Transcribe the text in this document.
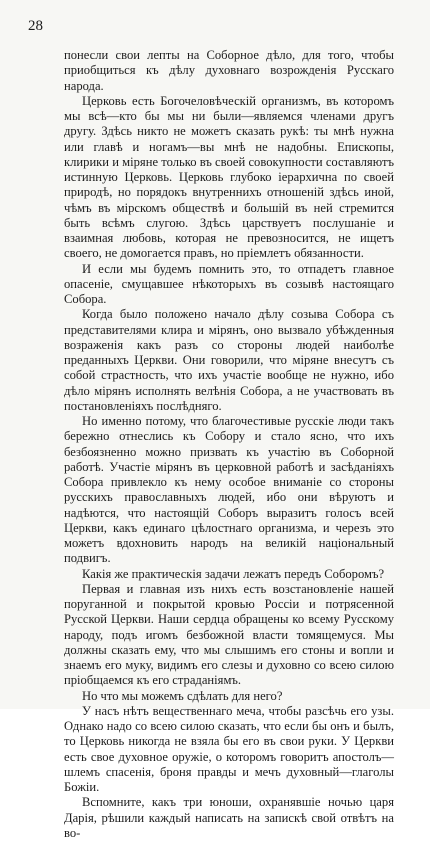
28

понесли свои лепты на Соборное дѣло, для того, чтобы приобщиться къ дѣлу духовнаго возрожденія Русскаго народа.

Церковь есть Богочеловѣческій организмъ, въ которомъ мы всѣ—кто бы мы ни были—являемся членами другъ другу. Здѣсь никто не можетъ сказать рукѣ: ты мнѣ нужна или главѣ и ногамъ—вы мнѣ не надобны. Епископы, клирики и міряне только въ своей совокупности составляютъ истинную Церковь. Церковь глубоко іерархична по своей природѣ, но порядокъ внутреннихъ отношеній здѣсь иной, чѣмъ въ мірскомъ обществѣ и большій въ ней стремится быть всѣмъ слугою. Здѣсь царствуетъ послушаніе и взаимная любовь, которая не превозносится, не ищетъ своего, не домогается правъ, но пріемлетъ обязанности.

И если мы будемъ помнить это, то отпадетъ главное опасеніе, смущавшее нѣкоторыхъ въ созывѣ настоящаго Собора.

Когда было положено начало дѣлу созыва Собора съ представителями клира и мірянъ, оно вызвало убѣжденныя возраженія какъ разъ со стороны людей наиболѣе преданныхъ Церкви. Они говорили, что міряне внесутъ съ собой страстность, что ихъ участіе вообще не нужно, ибо дѣло мірянъ исполнять велѣнія Собора, а не участвовать въ постановленіяхъ послѣдняго.

Но именно потому, что благочестивые русскіе люди такъ бережно отнеслись къ Собору и стало ясно, что ихъ безбоязненно можно призвать къ участію въ Соборной работѣ. Участіе мірянъ въ церковной работѣ и засѣданіяхъ Собора привлекло къ нему особое вниманіе со стороны русскихъ православныхъ людей, ибо они вѣруютъ и надѣются, что настоящій Соборъ выразитъ голосъ всей Церкви, какъ единаго цѣлостнаго организма, и черезъ это можетъ вдохновить народъ на великій національный подвигъ.

Какія же практическія задачи лежатъ передъ Соборомъ?

Первая и главная изъ нихъ есть возстановленіе нашей поруганной и покрытой кровью Россіи и потрясенной Русской Церкви. Наши сердца обращены ко всему Русскому народу, подъ игомъ безбожной власти томящемуся. Мы должны сказать ему, что мы слышимъ его стоны и вопли и знаемъ его муку, видимъ его слезы и духовно со всею силою пріобщаемся къ его страданіямъ.

Но что мы можемъ сдѣлать для него?

У насъ нѣтъ вещественнаго меча, чтобы разсѣчь его узы. Однако надо со всею силою сказать, что если бы онъ и былъ, то Церковь никогда не взяла бы его въ свои руки. У Церкви есть свое духовное оружіе, о которомъ говоритъ апостолъ—шлемъ спасенія, броня правды и мечъ духовный—глаголы Божіи.

Вспомните, какъ три юноши, охранявшіе ночью царя Дарія, рѣшили каждый написать на запискѣ свой отвѣтъ на во-
